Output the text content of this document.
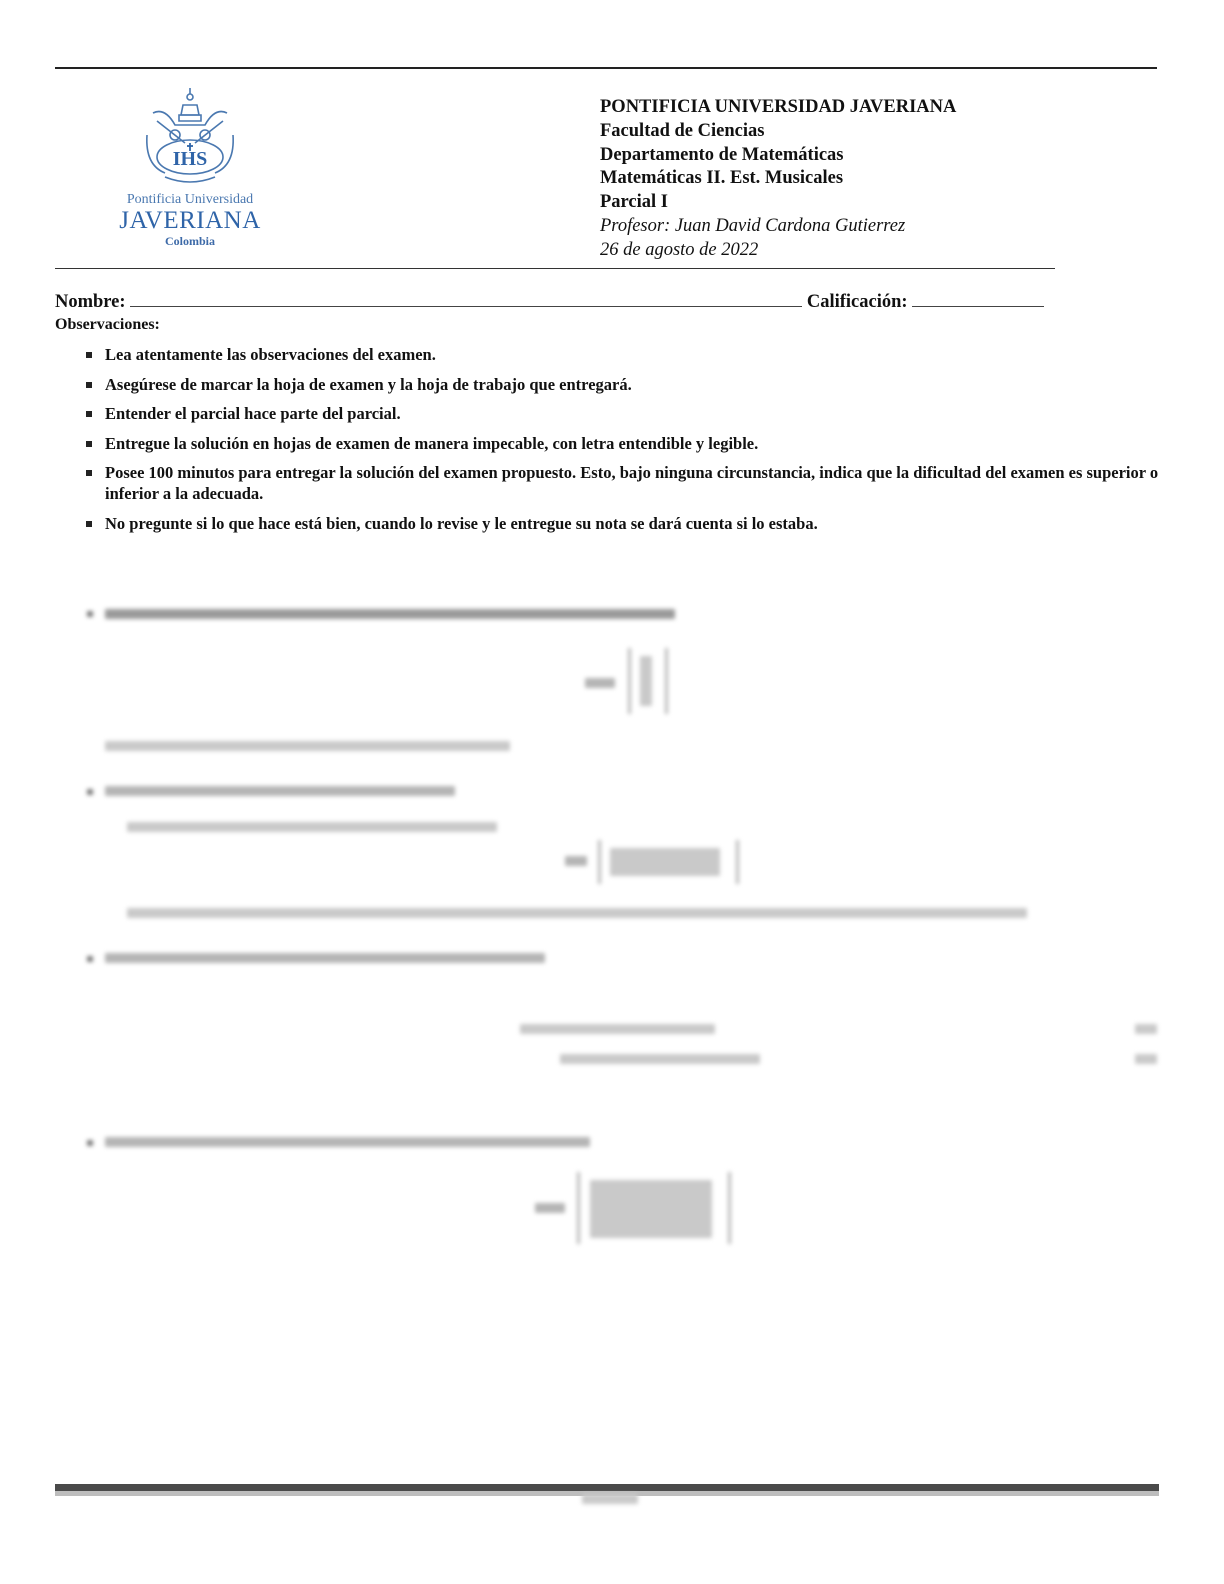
IHS
Pontificia Universidad
JAVERIANA
Colombia
PONTIFICIA UNIVERSIDAD JAVERIANA
Facultad de Ciencias
Departamento de Matemáticas
Matemáticas II. Est. Musicales
Parcial I
Profesor: Juan David Cardona Gutierrez
26 de agosto de 2022
Nombre:	Calificación:
Observaciones:
Lea atentamente las observaciones del examen.
Asegúrese de marcar la hoja de examen y la hoja de trabajo que entregará.
Entender el parcial hace parte del parcial.
Entregue la solución en hojas de examen de manera impecable, con letra entendible y legible.
Posee 100 minutos para entregar la solución del examen propuesto. Esto, bajo ninguna circunstancia, indica que la dificultad del examen es superior o inferior a la adecuada.
No pregunte si lo que hace está bien, cuando lo revise y le entregue su nota se dará cuenta si lo estaba.
